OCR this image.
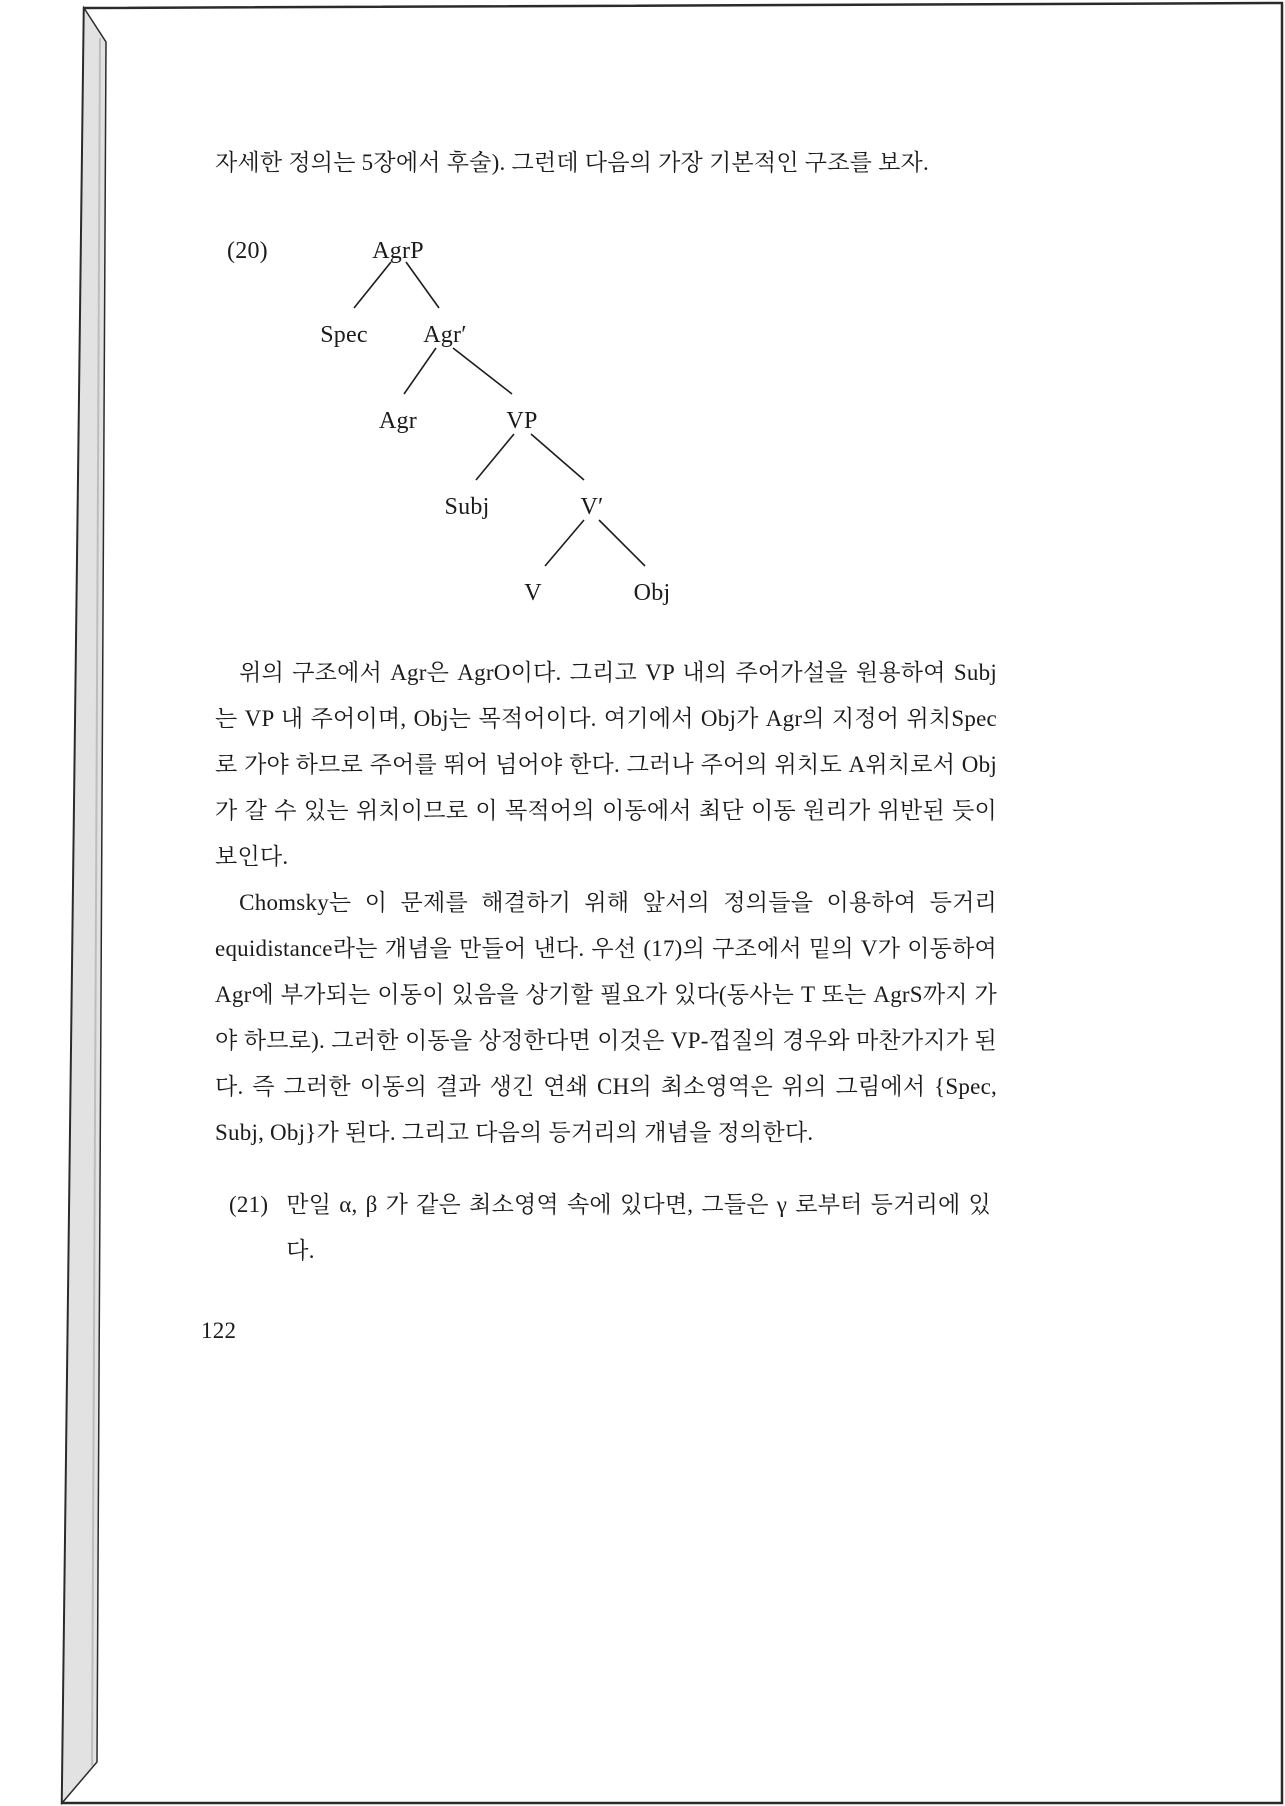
자세한 정의는 5장에서 후술). 그런데 다음의 가장 기본적인 구조를 보자.

(20)	AgrP
Spec Agr′
Agr	VP
Subj	V′
V	Obj

위의 구조에서 Agr은 AgrO이다. 그리고 VP 내의 주어가설을 원용하여 Subj는 VP 내 주어이며, Obj는 목적어이다. 여기에서 Obj가 Agr의 지정어 위치Spec로 가야 하므로 주어를 뛰어 넘어야 한다. 그러나 주어의 위치도 A위치로서 Obj가 갈 수 있는 위치이므로 이 목적어의 이동에서 최단 이동 원리가 위반된 듯이 보인다.

Chomsky는 이 문제를 해결하기 위해 앞서의 정의들을 이용하여 등거리equidistance라는 개념을 만들어 낸다. 우선 (17)의 구조에서 밑의 V가 이동하여 Agr에 부가되는 이동이 있음을 상기할 필요가 있다(동사는 T 또는 AgrS까지 가야 하므로). 그러한 이동을 상정한다면 이것은 VP-껍질의 경우와 마찬가지가 된다. 즉 그러한 이동의 결과 생긴 연쇄 CH의 최소영역은 위의 그림에서 {Spec, Subj, Obj}가 된다. 그리고 다음의 등거리의 개념을 정의한다.

(21) 만일 α, β 가 같은 최소영역 속에 있다면, 그들은 γ 로부터 등거리에 있다.
122
